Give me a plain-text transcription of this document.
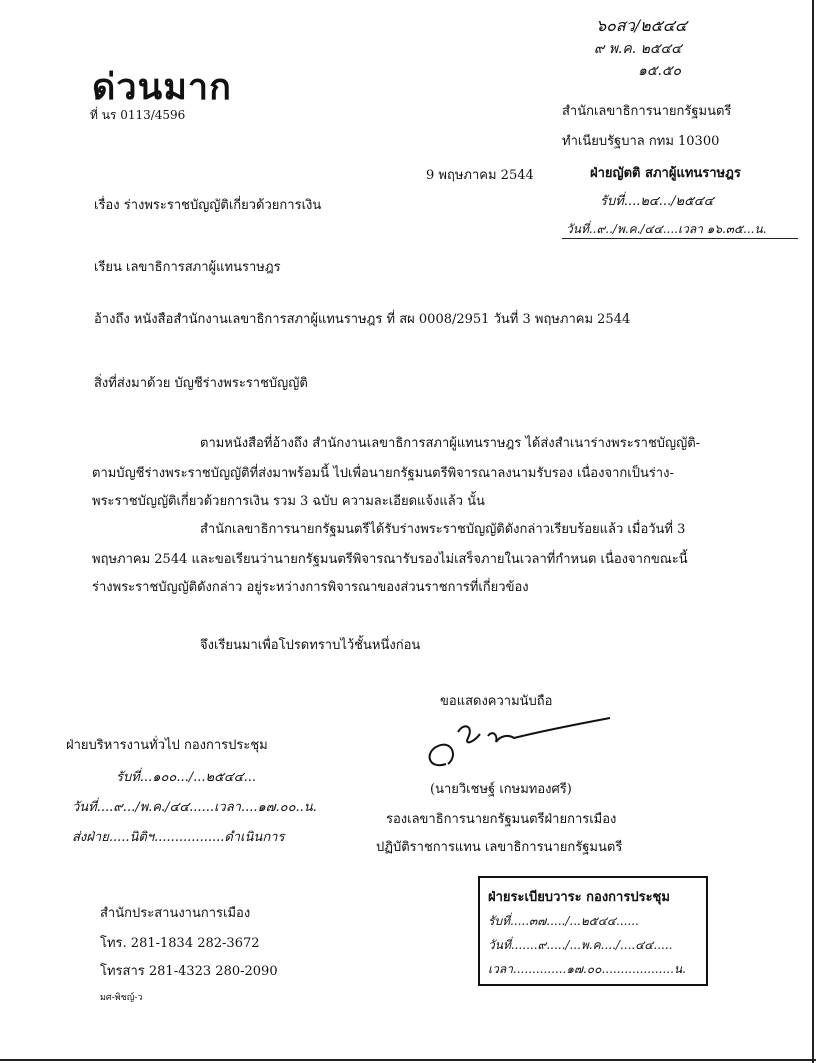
ด่วนมาก
ที่ นร 0113/4596
๖๐สว/๒๕๔๔
๙ พ.ค. ๒๕๔๔
๑๕.๕๐
สำนักเลขาธิการนายกรัฐมนตรี
ทำเนียบรัฐบาล กทม 10300
9 พฤษภาคม 2544	ฝ่ายญัตติ สภาผู้แทนราษฎร
รับที่....๒๔.../๒๕๔๔
วันที่..๙../พ.ค./๔๔....เวลา ๑๖.๓๕...น.
เรื่อง ร่างพระราชบัญญัติเกี่ยวด้วยการเงิน
เรียน เลขาธิการสภาผู้แทนราษฎร
อ้างถึง หนังสือสำนักงานเลขาธิการสภาผู้แทนราษฎร ที่ สผ 0008/2951 วันที่ 3 พฤษภาคม 2544
สิ่งที่ส่งมาด้วย บัญชีร่างพระราชบัญญัติ
ตามหนังสือที่อ้างถึง สำนักงานเลขาธิการสภาผู้แทนราษฎร ได้ส่งสำเนาร่างพระราชบัญญัติ-
ตามบัญชีร่างพระราชบัญญัติที่ส่งมาพร้อมนี้ ไปเพื่อนายกรัฐมนตรีพิจารณาลงนามรับรอง เนื่องจากเป็นร่าง-
พระราชบัญญัติเกี่ยวด้วยการเงิน รวม 3 ฉบับ ความละเอียดแจ้งแล้ว นั้น
สำนักเลขาธิการนายกรัฐมนตรีได้รับร่างพระราชบัญญัติดังกล่าวเรียบร้อยแล้ว เมื่อวันที่ 3
พฤษภาคม 2544 และขอเรียนว่านายกรัฐมนตรีพิจารณารับรองไม่เสร็จภายในเวลาที่กำหนด เนื่องจากขณะนี้
ร่างพระราชบัญญัติดังกล่าว อยู่ระหว่างการพิจารณาของส่วนราชการที่เกี่ยวข้อง
จึงเรียนมาเพื่อโปรดทราบไว้ชั้นหนึ่งก่อน
ขอแสดงความนับถือ
(นายวิเชษฐ์ เกษมทองศรี)
รองเลขาธิการนายกรัฐมนตรีฝ่ายการเมือง
ปฏิบัติราชการแทน เลขาธิการนายกรัฐมนตรี
ฝ่ายบริหารงานทั่วไป กองการประชุม
รับที่...๑๐๐.../...๒๕๔๔...
วันที่....๙.../พ.ค./๔๔......เวลา....๑๗.๐๐..น.
ส่งฝ่าย.....นิติฯ.................ดำเนินการ
ฝ่ายระเบียบวาระ กองการประชุม
รับที่.....๓๗...../...๒๕๔๔......
วันที่.......๙...../...พ.ค..../....๔๔.....
เวลา..............๑๗.๐๐...................น.
สำนักประสานงานการเมือง
โทร. 281-1834 282-3672
โทรสาร 281-4323 280-2090
มศ-พิชญ์-ว
